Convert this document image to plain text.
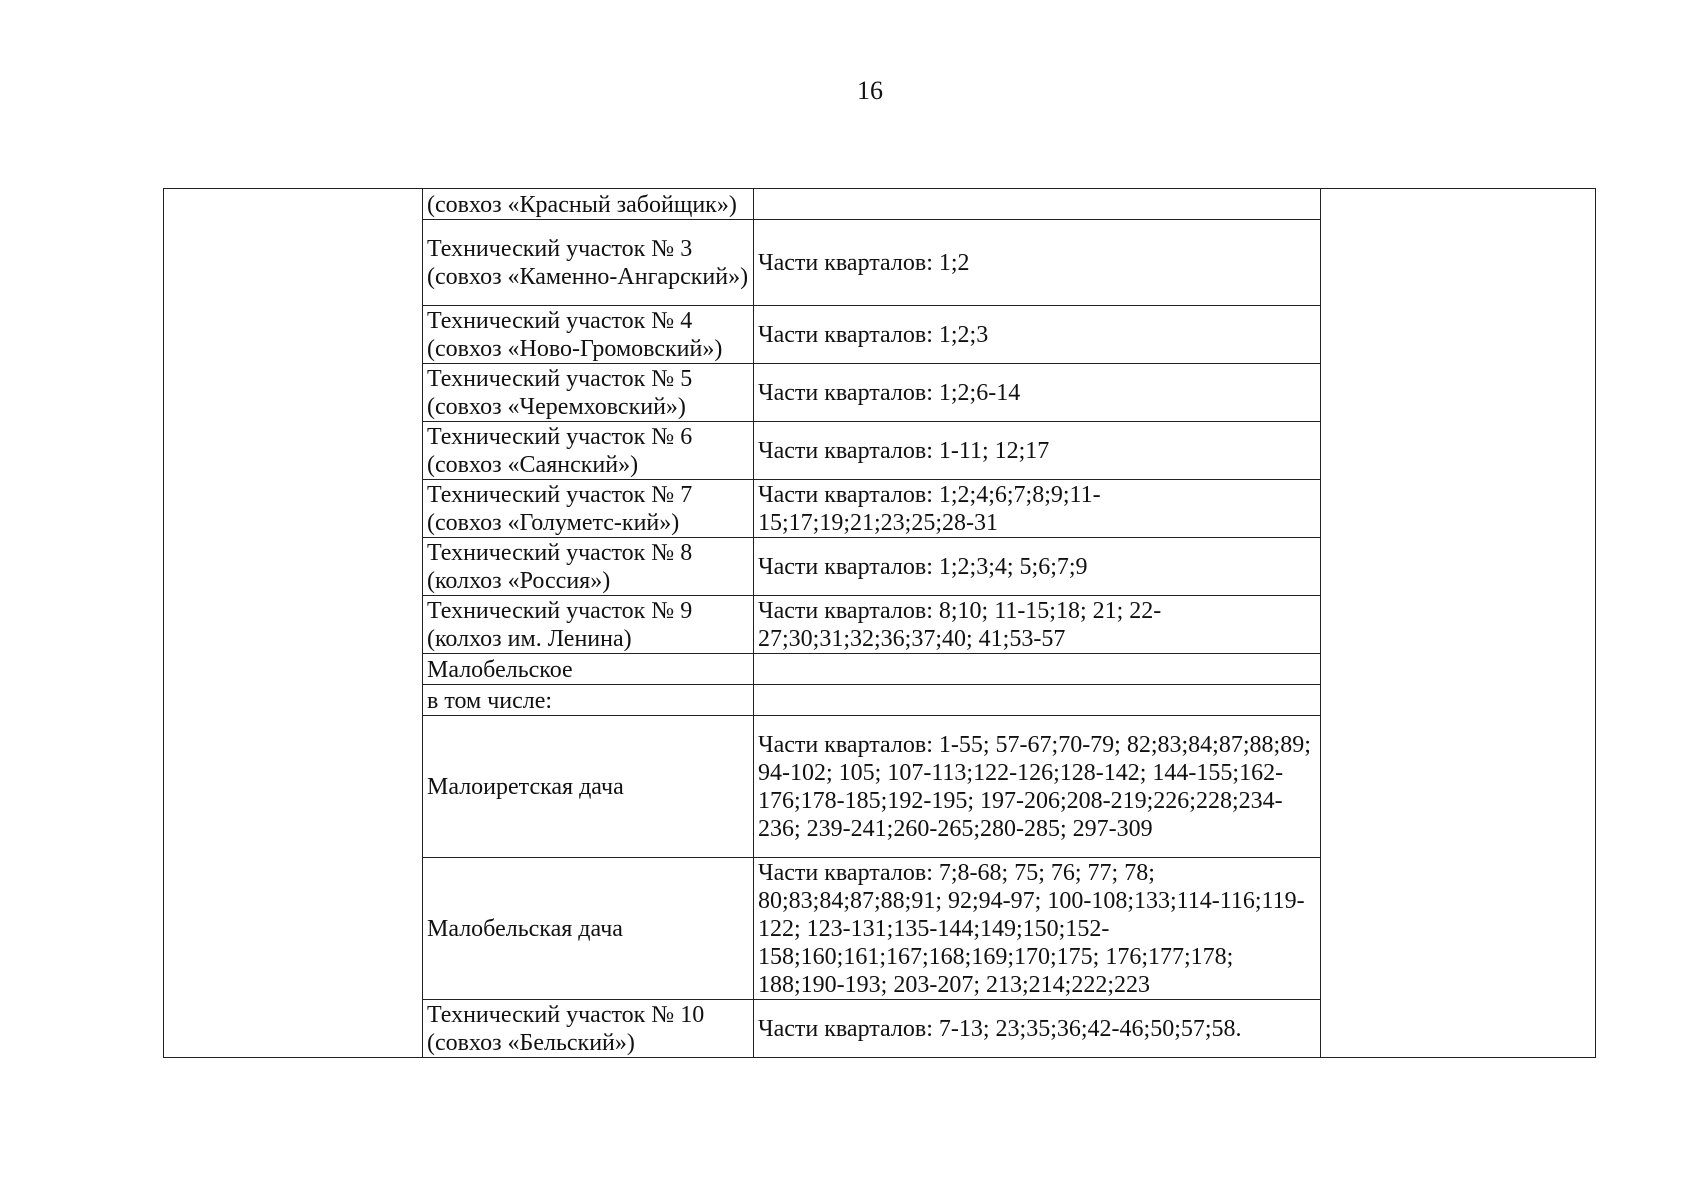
16
	(совхоз «Красный забойщик»)		
	Технический участок № 3 (совхоз «Каменно-Ангарский»)	Части кварталов: 1;2	
	Технический участок № 4 (совхоз «Ново-Громовский»)	Части кварталов: 1;2;3	
	Технический участок № 5 (совхоз «Черемховский»)	Части кварталов: 1;2;6-14	
	Технический участок № 6 (совхоз «Саянский»)	Части кварталов: 1-11; 12;17	
	Технический участок № 7 (совхоз «Голуметс-кий»)	Части кварталов: 1;2;4;6;7;8;9;11-15;17;19;21;23;25;28-31	
	Технический участок № 8 (колхоз «Россия»)	Части кварталов: 1;2;3;4; 5;6;7;9	
	Технический участок № 9 (колхоз им. Ленина)	Части кварталов: 8;10; 11-15;18; 21; 22-27;30;31;32;36;37;40; 41;53-57	
	Малобельское		
	в том числе:		
	Малоиретская дача	Части кварталов: 1-55; 57-67;70-79; 82;83;84;87;88;89; 94-102; 105; 107-113;122-126;128-142; 144-155;162-176;178-185;192-195; 197-206;208-219;226;228;234-236; 239-241;260-265;280-285; 297-309	
	Малобельская дача	Части кварталов: 7;8-68; 75; 76; 77; 78; 80;83;84;87;88;91; 92;94-97; 100-108;133;114-116;119-122; 123-131;135-144;149;150;152-158;160;161;167;168;169;170;175; 176;177;178; 188;190-193; 203-207; 213;214;222;223	
	Технический участок № 10 (совхоз «Бельский»)	Части кварталов: 7-13; 23;35;36;42-46;50;57;58.	
